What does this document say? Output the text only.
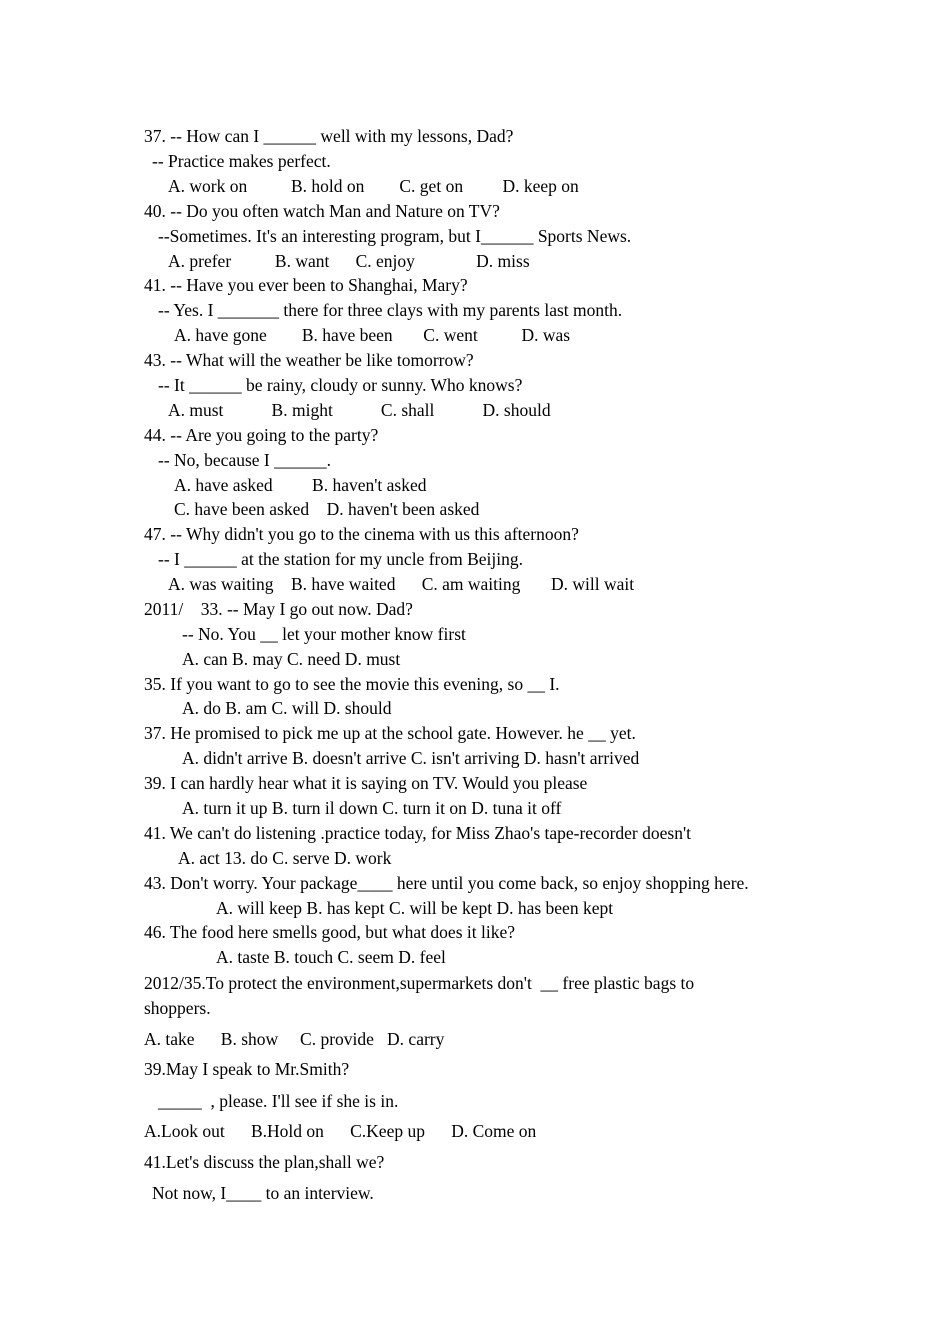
37. -- How can I ______ well with my lessons, Dad?
-- Practice makes perfect.
A. work on          B. hold on        C. get on         D. keep on
40. -- Do you often watch Man and Nature on TV?
--Sometimes. It's an interesting program, but I______ Sports News.
A. prefer          B. want      C. enjoy              D. miss
41. -- Have you ever been to Shanghai, Mary?
-- Yes. I _______ there for three clays with my parents last month.
A. have gone        B. have been       C. went          D. was
43. -- What will the weather be like tomorrow?
-- It ______ be rainy, cloudy or sunny. Who knows?
A. must           B. might           C. shall           D. should
44. -- Are you going to the party?
-- No, because I ______.
A. have asked         B. haven't asked
C. have been asked    D. haven't been asked
47. -- Why didn't you go to the cinema with us this afternoon?
-- I ______ at the station for my uncle from Beijing.
A. was waiting    B. have waited      C. am waiting       D. will wait
2011/    33. -- May I go out now. Dad?
-- No. You __ let your mother know first
A. can B. may C. need D. must
35. If you want to go to see the movie this evening, so __ I.
A. do B. am C. will D. should
37. He promised to pick me up at the school gate. However. he __ yet.
A. didn't arrive B. doesn't arrive C. isn't arriving D. hasn't arrived
39. I can hardly hear what it is saying on TV. Would you please
A. turn it up B. turn il down C. turn it on D. tuna it off
41. We can't do listening .practice today, for Miss Zhao's tape-recorder doesn't
A. act 13. do C. serve D. work
43. Don't worry. Your package____ here until you come back, so enjoy shopping here.
A. will keep B. has kept C. will be kept D. has been kept
46. The food here smells good, but what does it like?
A. taste B. touch C. seem D. feel
2012/35.To protect the environment,supermarkets don't  __ free plastic bags to
shoppers.
A. take      B. show     C. provide   D. carry
39.May I speak to Mr.Smith?
_____  , please. I'll see if she is in.
A.Look out      B.Hold on      C.Keep up      D. Come on
41.Let's discuss the plan,shall we?
Not now, I____ to an interview.
